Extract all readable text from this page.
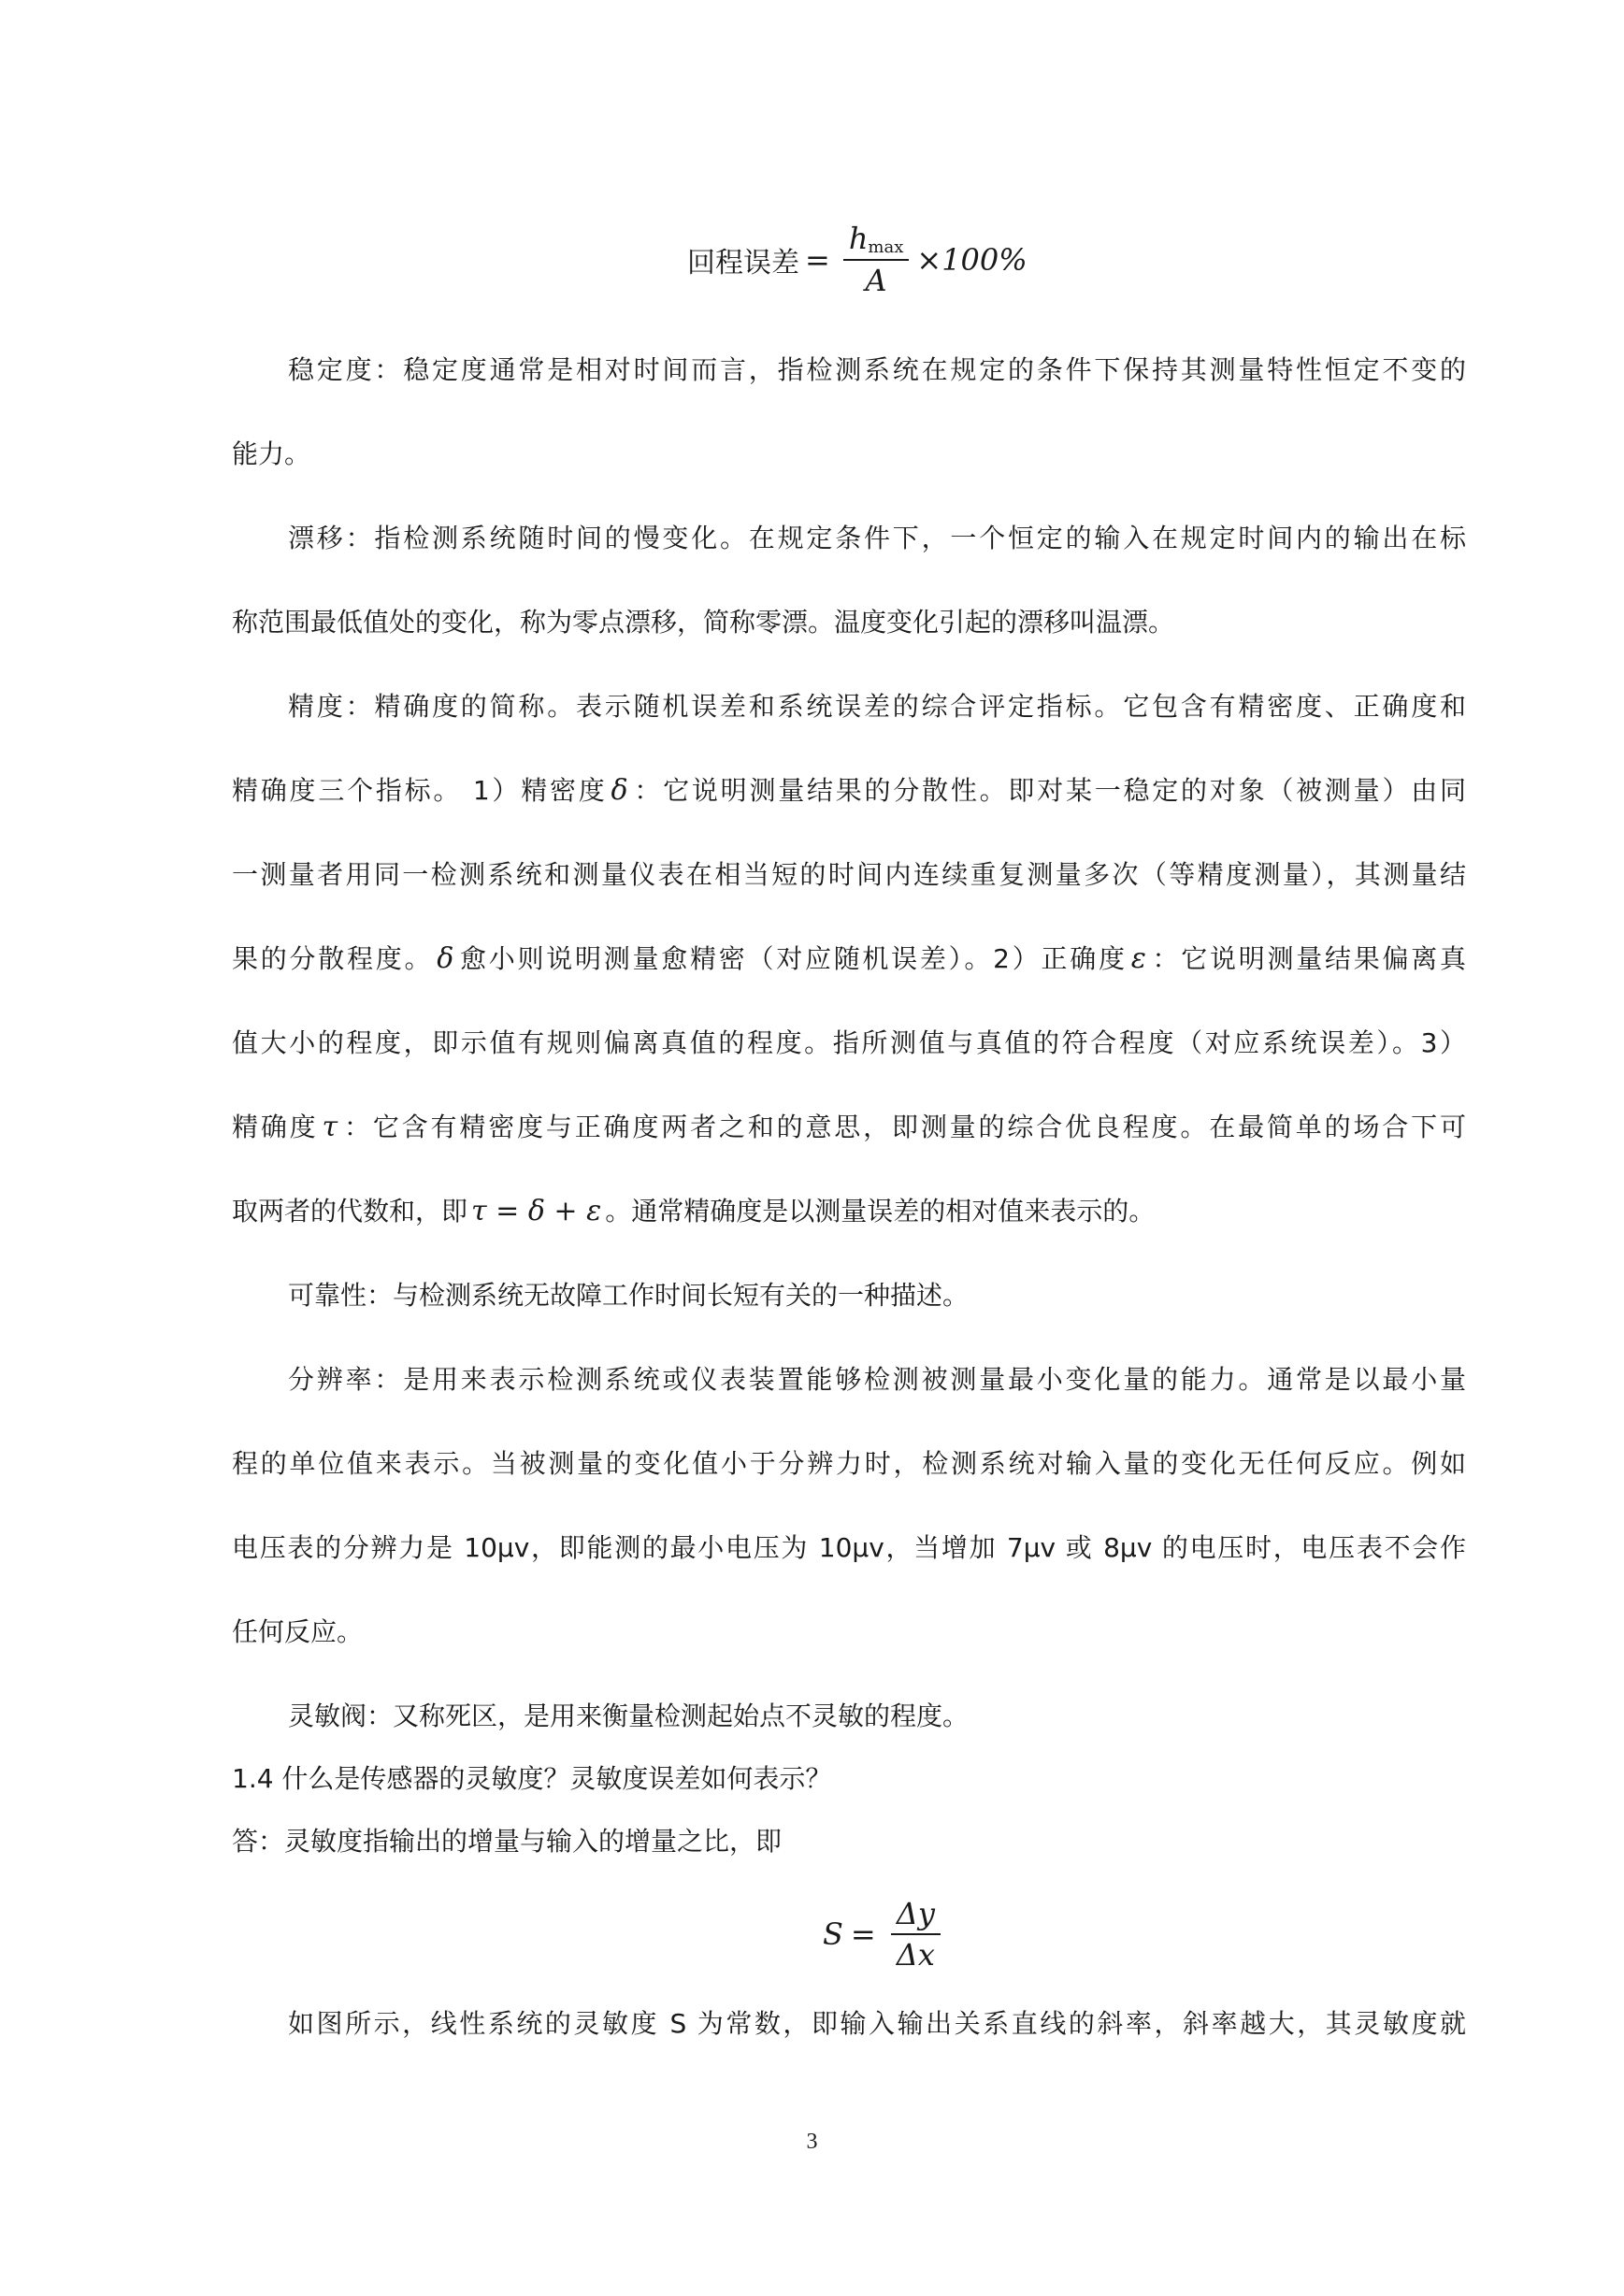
回程误差 = $\frac{h_{max}}{A} \times 100\%$
稳定度：稳定度通常是相对时间而言，指检测系统在规定的条件下保持其测量特性恒定不变的
能力。
漂移：指检测系统随时间的慢变化。在规定条件下，一个恒定的输入在规定时间内的输出在标
称范围最低值处的变化，称为零点漂移，简称零漂。温度变化引起的漂移叫温漂。
精度：精确度的简称。表示随机误差和系统误差的综合评定指标。它包含有精密度、正确度和
精确度三个指标。 1）精密度 δ ：它说明测量结果的分散性。即对某一稳定的对象（被测量）由同
一测量者用同一检测系统和测量仪表在相当短的时间内连续重复测量多次（等精度测量），其测量结
果的分散程度。 δ 愈小则说明测量愈精密（对应随机误差）。2）正确度 ε ：它说明测量结果偏离真
值大小的程度，即示值有规则偏离真值的程度。指所测值与真值的符合程度（对应系统误差）。3）
精确度 τ ：它含有精密度与正确度两者之和的意思，即测量的综合优良程度。在最简单的场合下可
取两者的代数和，即 τ = δ + ε 。通常精确度是以测量误差的相对值来表示的。
可靠性：与检测系统无故障工作时间长短有关的一种描述。
分辨率：是用来表示检测系统或仪表装置能够检测被测量最小变化量的能力。通常是以最小量
程的单位值来表示。当被测量的变化值小于分辨力时，检测系统对输入量的变化无任何反应。例如
电压表的分辨力是 10μv，即能测的最小电压为 10μv，当增加 7μv 或 8μv 的电压时，电压表不会作
任何反应。
灵敏阀：又称死区，是用来衡量检测起始点不灵敏的程度。
1.4 什么是传感器的灵敏度？灵敏度误差如何表示？
答：灵敏度指输出的增量与输入的增量之比，即
$S = \frac{\Delta y}{\Delta x}$
如图所示，线性系统的灵敏度 S 为常数，即输入输出关系直线的斜率，斜率越大，其灵敏度就
3
